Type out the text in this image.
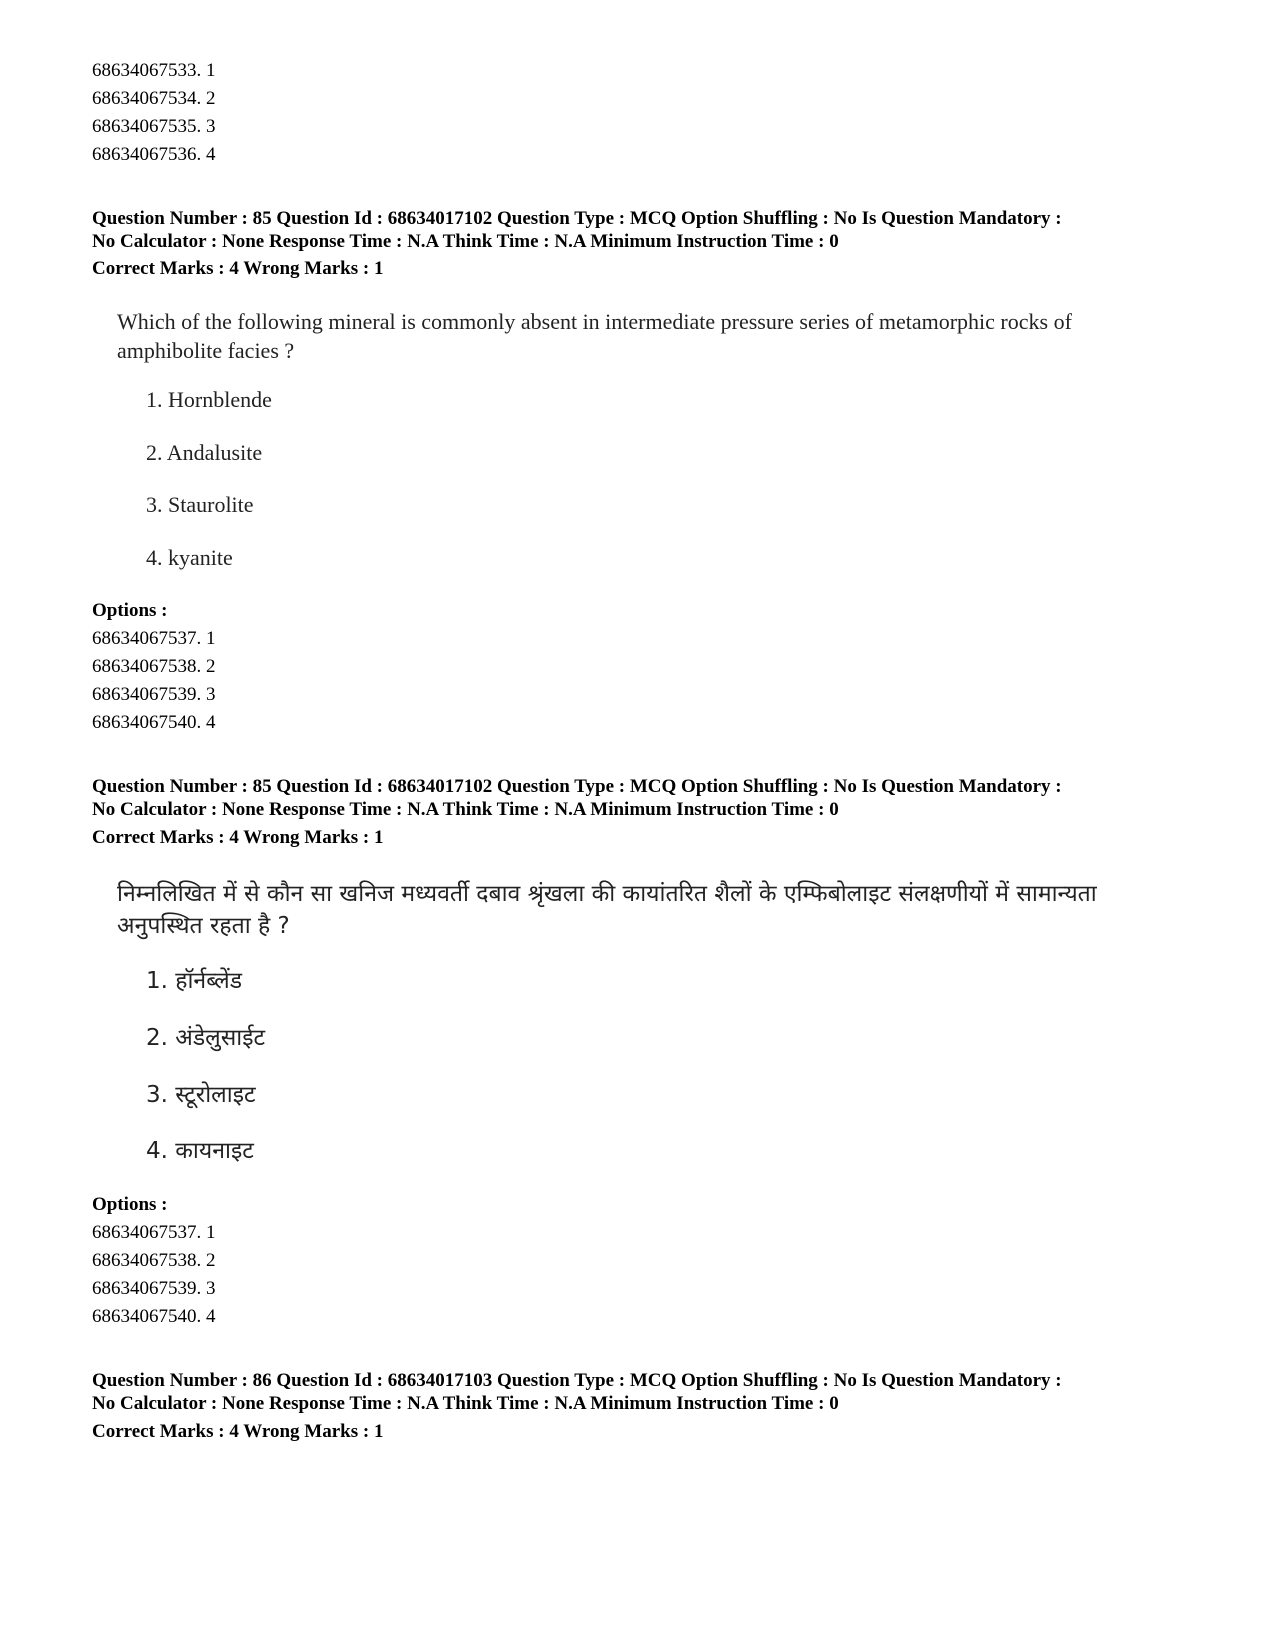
68634067533. 1
68634067534. 2
68634067535. 3
68634067536. 4
Question Number : 85 Question Id : 68634017102 Question Type : MCQ Option Shuffling : No Is Question Mandatory :
No Calculator : None Response Time : N.A Think Time : N.A Minimum Instruction Time : 0
Correct Marks : 4 Wrong Marks : 1
Which of the following mineral is commonly absent in intermediate pressure series of metamorphic rocks of amphibolite facies ?
1. Hornblende
2. Andalusite
3. Staurolite
4. kyanite
Options :
68634067537. 1
68634067538. 2
68634067539. 3
68634067540. 4
Question Number : 85 Question Id : 68634017102 Question Type : MCQ Option Shuffling : No Is Question Mandatory :
No Calculator : None Response Time : N.A Think Time : N.A Minimum Instruction Time : 0
Correct Marks : 4 Wrong Marks : 1
निम्नलिखित में से कौन सा खनिज मध्यवर्ती दबाव श्रृंखला की कायांतरित शैलों के एम्फिबोलाइट संलक्षणीयों में सामान्यता अनुपस्थित रहता है ?
1. हॉर्नब्लेंड
2. अंडेलुसाईट
3. स्टूरोलाइट
4. कायनाइट
Options :
68634067537. 1
68634067538. 2
68634067539. 3
68634067540. 4
Question Number : 86 Question Id : 68634017103 Question Type : MCQ Option Shuffling : No Is Question Mandatory :
No Calculator : None Response Time : N.A Think Time : N.A Minimum Instruction Time : 0
Correct Marks : 4 Wrong Marks : 1
